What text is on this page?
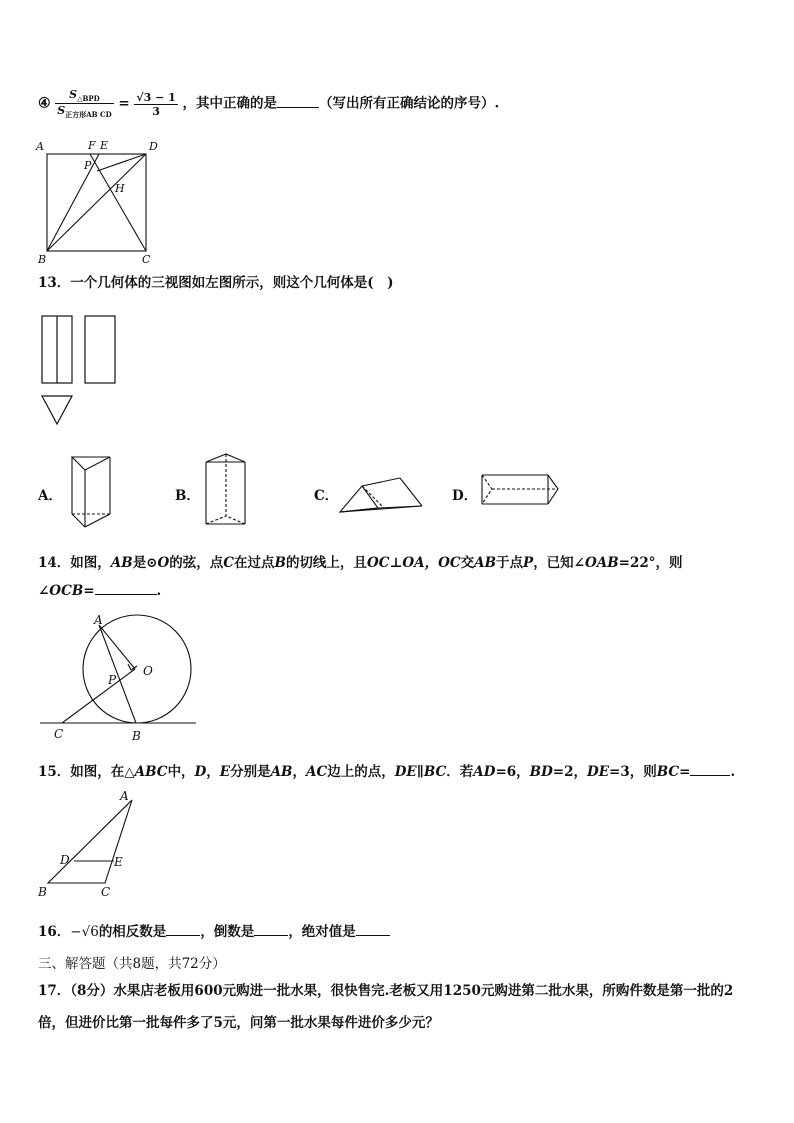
④ $\frac{S_{\triangle BPD}}{S_{正方形AB CD}} = \frac{√3 - 1}{3}$ ，其中正确的是	（写出所有正确结论的序号）.
A	F E	D
P
H
B	C
13．一个几何体的三视图如左图所示，则这个几何体是(　)
A．	B．	C．	D．
14．如图，AB是⊙O的弦，点C在过点B的切线上，且OC⊥OA，OC交AB于点P，已知∠OAB=22°，则
∠OCB=	.
A
O
P
C	B
15．如图，在△ABC中，D，E分别是AB，AC边上的点，DE∥BC．若AD=6，BD=2，DE=3，则BC=	.
A
D	E
B	C
16．−√6的相反数是	，倒数是	，绝对值是
三、解答题（共8题，共72分）
17．（8分）水果店老板用600元购进一批水果，很快售完.老板又用1250元购进第二批水果，所购件数是第一批的2
倍，但进价比第一批每件多了5元，问第一批水果每件进价多少元？
